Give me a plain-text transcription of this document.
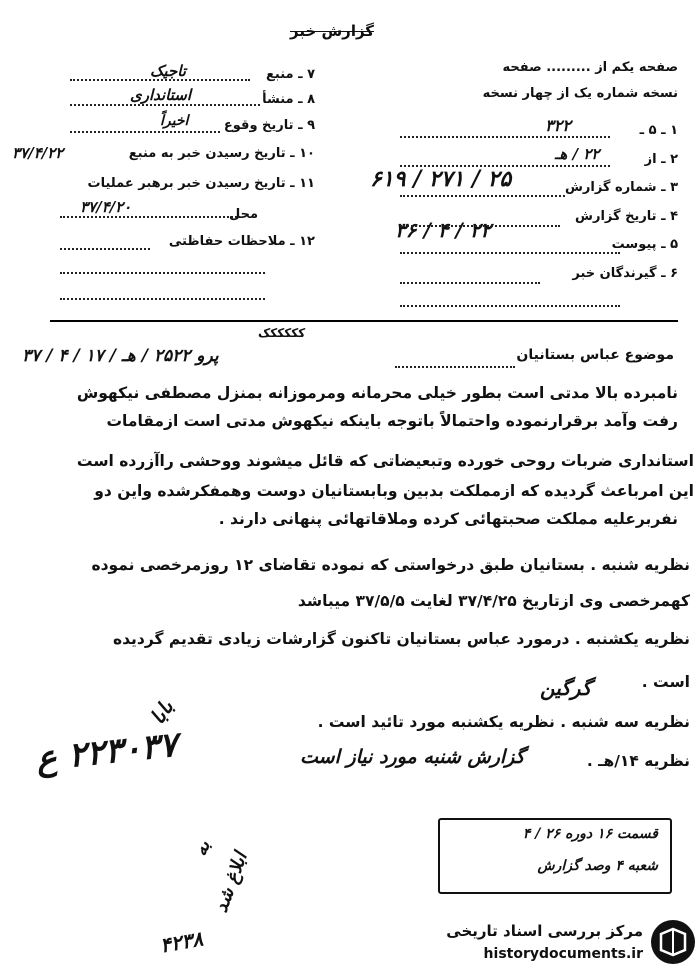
گزارش خبر
صفحه یکم از ......... صفحه
نسخه شماره یک از چهار نسخه
۱ ـ ۵ ـ
۳۲۲
۲ ـ از
۲۲ / هـ
۳ ـ شماره گزارش
۶۱۹ / ۲۷۱ / ۲۵
۴ ـ تاریخ گزارش
۳۶ / ۴ / ۲۲
۵ ـ پیوست
۶ ـ گیرندگان خبر
۷ ـ منبع
تاجیک
۸ ـ منشأ
استانداری
۹ ـ تاریخ وقوع
اخیراً
۱۰ ـ تاریخ رسیدن خبر به منبع
۳۷/۴/۲۲
۱۱ ـ تاریخ رسیدن خبر برهبر عملیات
محل
۳۷/۴/۲۰
۱۲ ـ ملاحظات حفاظتی
کککککک
پرو ۲۵۲۲ / هـ / ۱۷ / ۴ / ۳۷	موضوع عباس بستانیان
نامبرده بالا مدتی است بطور خیلی محرمانه ومرموزانه بمنزل مصطفی نیکهوش
رفت وآمد برقرارنموده واحتمالاً باتوجه باینکه نیکهوش مدتی است ازمقامات
استانداری ضربات روحی خورده وتبعیضاتی که قائل میشوند ووحشی راآزرده است
این امرباعث گردیده که ازمملکت بدبین وبابستانیان دوست وهمفکرشده واین دو
نفربرعلیه مملکت صحبتهائی کرده وملاقاتهائی پنهانی دارند .
نظریه شنبه . بستانیان طبق درخواستی که نموده تقاضای ۱۲ روزمرخصی نموده
کهمرخصی وی ازتاریخ ۳۷/۴/۲۵ لغایت ۳۷/۵/۵ میباشد
نظریه یکشنبه . درمورد عباس بستانیان تاکنون گزارشات زیادی تقدیم گردیده
است .
گرگین
نظریه سه شنبه . نظریه یکشنبه مورد تائید است .
نظریه ۱۴/هـ .
گزارش شنبه مورد نیاز است
۲۲۳۰۳۷ ع
بابا
به
ابلاغ شد
۴۲۳۸
قسمت ۱۶ دوره ۲۶ / ۴
شعبه ۴ وصد گزارش
مرکز بررسی اسناد تاریخی
historydocuments.ir
